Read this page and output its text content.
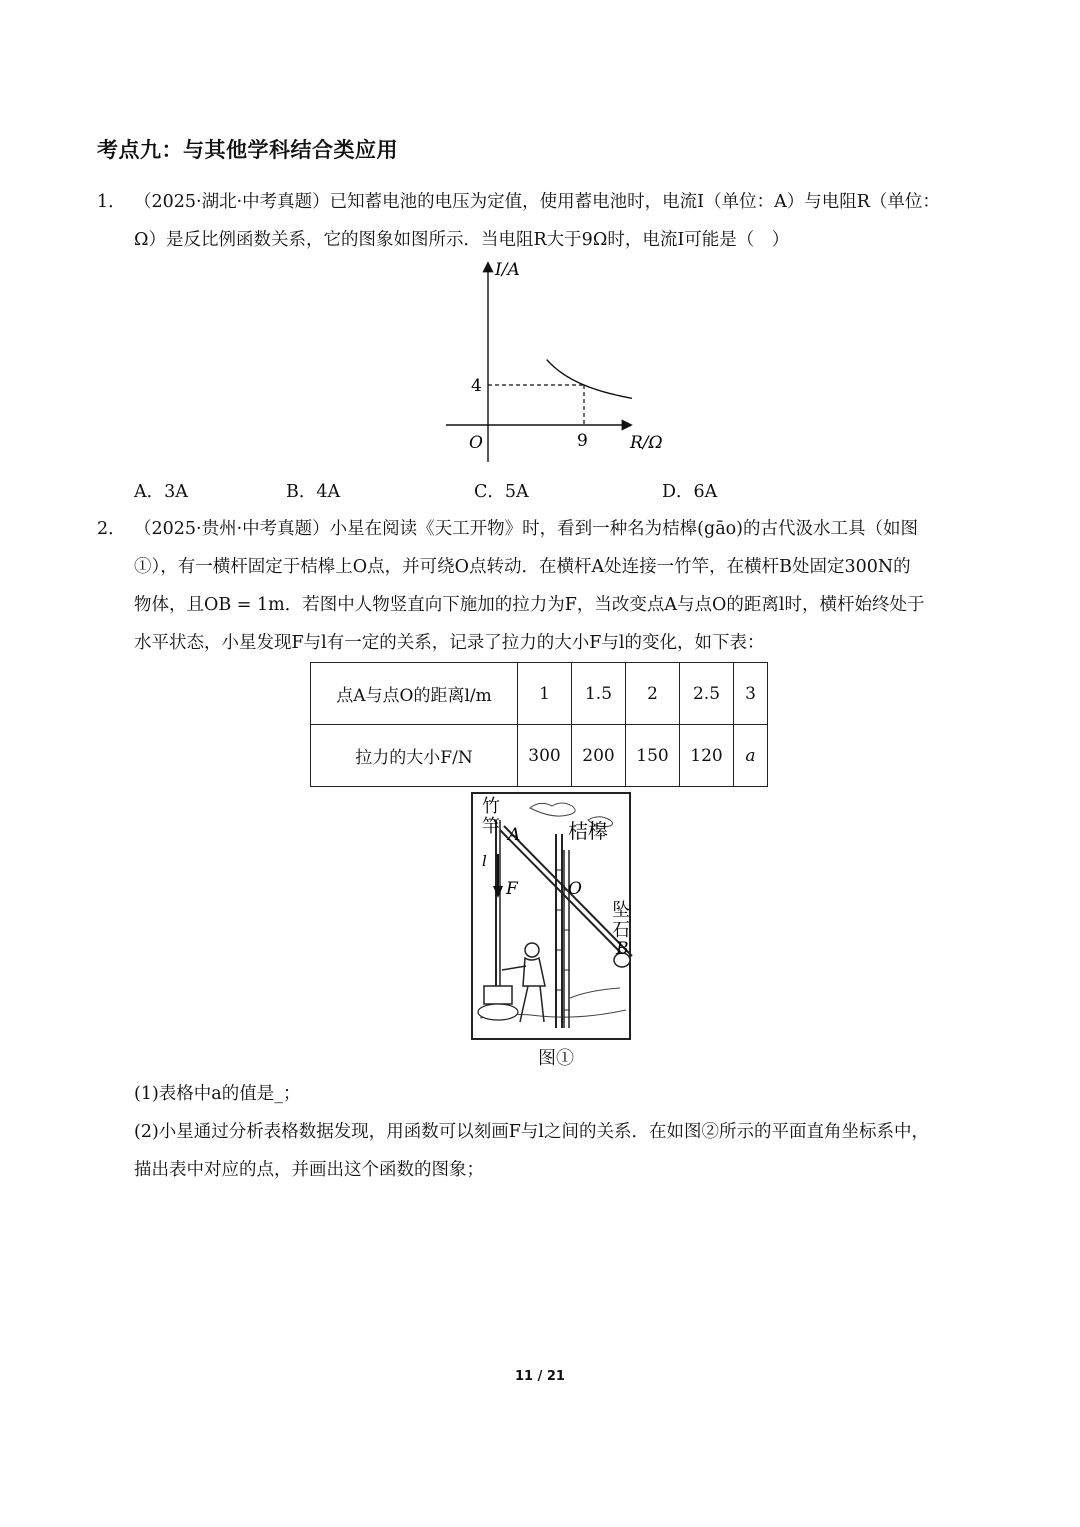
考点九：与其他学科结合类应用
1． （2025·湖北·中考真题）已知蓄电池的电压为定值，使用蓄电池时，电流I（单位：A）与电阻R（单位：
Ω）是反比例函数关系，它的图象如图所示．当电阻R大于9Ω时，电流I可能是（　）
I/A
R/Ω
O	9
4
A．3A	B．4A	C．5A	D．6A
2． （2025·贵州·中考真题）小星在阅读《天工开物》时，看到一种名为桔槔(gāo)的古代汲水工具（如图
①），有一横杆固定于桔槔上O点，并可绕O点转动．在横杆A处连接一竹竿，在横杆B处固定300N的
物体，且OB = 1m．若图中人物竖直向下施加的拉力为F，当改变点A与点O的距离l时，横杆始终处于
水平状态，小星发现F与l有一定的关系，记录了拉力的大小F与l的变化，如下表：
点A与点O的距离l/m	1	1.5	2	2.5	3
拉力的大小F/N	300	200	150	120	a
竹
竿 A
l
F
桔槔
O
坠
石
B
图①
(1)表格中a的值是_；
(2)小星通过分析表格数据发现，用函数可以刻画F与l之间的关系．在如图②所示的平面直角坐标系中，
描出表中对应的点，并画出这个函数的图象；
11 / 21
